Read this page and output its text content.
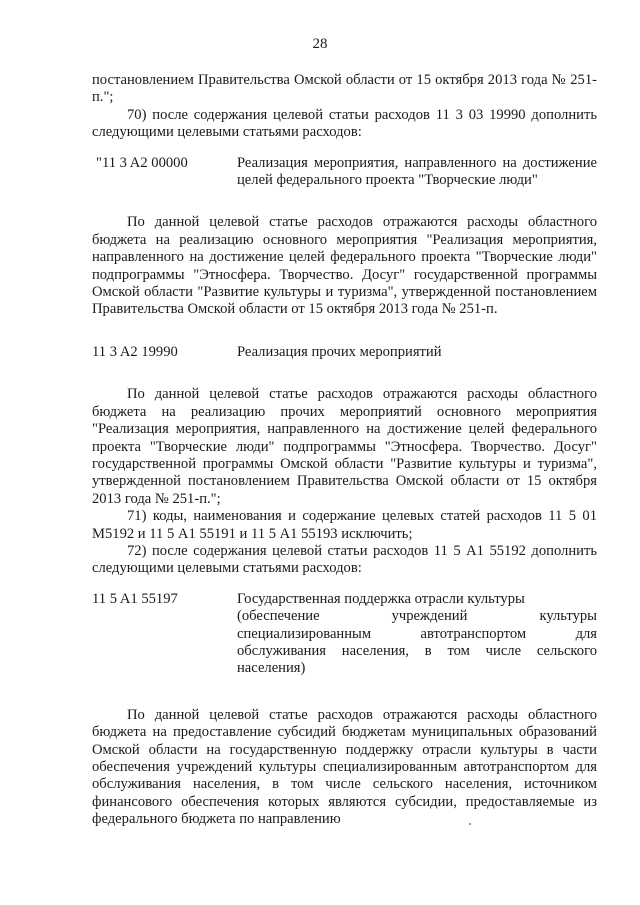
28

постановлением Правительства Омской области от 15 октября 2013 года № 251-п.";

70) после содержания целевой статьи расходов 11 3 03 19990 дополнить следующими целевыми статьями расходов:

"11 3 A2 00000	Реализация мероприятия, направленного на достижение целей федерального проекта "Творческие люди"

По данной целевой статье расходов отражаются расходы областного бюджета на реализацию основного мероприятия "Реализация мероприятия, направленного на достижение целей федерального проекта "Творческие люди" подпрограммы "Этносфера. Творчество. Досуг" государственной программы Омской области "Развитие культуры и туризма", утвержденной постановлением Правительства Омской области от 15 октября 2013 года № 251-п.

11 3 A2 19990	Реализация прочих мероприятий

По данной целевой статье расходов отражаются расходы областного бюджета на реализацию прочих мероприятий основного мероприятия "Реализация мероприятия, направленного на достижение целей федерального проекта "Творческие люди" подпрограммы "Этносфера. Творчество. Досуг" государственной программы Омской области "Развитие культуры и туризма", утвержденной постановлением Правительства Омской области от 15 октября 2013 года № 251-п.";

71) коды, наименования и содержание целевых статей расходов 11 5 01 M5192 и 11 5 A1 55191 и 11 5 A1 55193 исключить;

72) после содержания целевой статьи расходов 11 5 A1 55192 дополнить следующими целевыми статьями расходов:

11 5 A1 55197	Государственная поддержка отрасли культуры
(обеспечение учреждений культуры специализированным автотранспортом для обслуживания населения, в том числе сельского населения)

По данной целевой статье расходов отражаются расходы областного бюджета на предоставление субсидий бюджетам муниципальных образований Омской области на государственную поддержку отрасли культуры в части обеспечения учреждений культуры специализированным автотранспортом для обслуживания населения, в том числе сельского населения, источником финансового обеспечения которых являются субсидии, предоставляемые из федерального бюджета по направлению
